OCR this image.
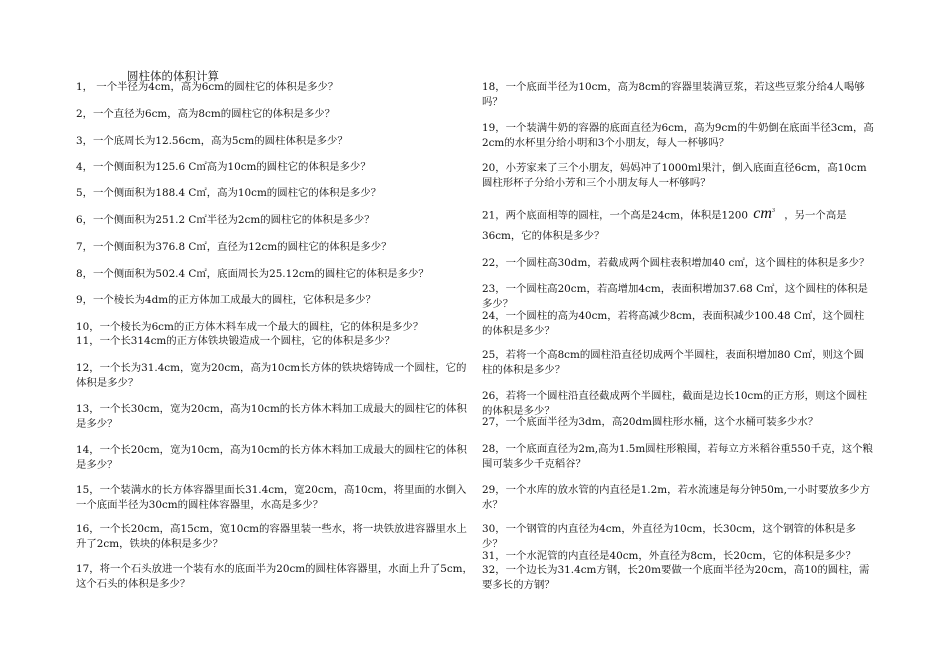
圆柱体的体积计算

1， 一个半径为4cm，高为6cm的圆柱它的体积是多少？

2，一个直径为6cm，高为8cm的圆柱它的体积是多少？

3，一个底周长为12.56cm，高为5cm的圆柱体积是多少？

4，一个侧面积为125.6 C㎡高为10cm的圆柱它的体积是多少？

5，一个侧面积为188.4 C㎡，高为10cm的圆柱它的体积是多少？

6，一个侧面积为251.2 C㎡半径为2cm的圆柱它的体积是多少？

7，一个侧面积为376.8 C㎡，直径为12cm的圆柱它的体积是多少？

8，一个侧面积为502.4 C㎡，底面周长为25.12cm的圆柱它的体积是多少？

9，一个棱长为4dm的正方体加工成最大的圆柱，它体积是多少？

10，一个棱长为6cm的正方体木料车成一个最大的圆柱，它的体积是多少？

11，一个长314cm的正方体铁块锻造成一个圆柱，它的体积是多少？

12，一个长为31.4cm，宽为20cm，高为10cm长方体的铁块熔铸成一个圆柱，它的体积是多少？

13，一个长30cm，宽为20cm，高为10cm的长方体木料加工成最大的圆柱它的体积是多少？

14，一个长20cm，宽为10cm，高为10cm的长方体木料加工成最大的圆柱它的体积是多少？

15，一个装满水的长方体容器里面长31.4cm，宽20cm，高10cm，将里面的水倒入一个底面半径为30cm的圆柱体容器里，水高是多少？

16，一个长20cm，高15cm，宽10cm的容器里装一些水，将一块铁放进容器里水上升了2cm，铁块的体积是多少？

17，将一个石头放进一个装有水的底面半为20cm的圆柱体容器里，水面上升了5cm，这个石头的体积是多少？

18，一个底面半径为10cm，高为8cm的容器里装满豆浆，若这些豆浆分给4人喝够吗？

19，一个装满牛奶的容器的底面直径为6cm，高为9cm的牛奶倒在底面半径3cm，高2cm的水杯里分给小明和3个小朋友，每人一杯够吗？

20，小芳家来了三个小朋友，妈妈冲了1000ml果汁，倒入底面直径6cm，高10cm圆柱形杯子分给小芳和三个小朋友每人一杯够吗？

21，两个底面相等的圆柱，一个高是24cm，体积是1200 $cm^3$ ，另一个高是

36cm，它的体积是多少？

22，一个圆柱高30dm，若截成两个圆柱表积增加40 c㎡，这个圆柱的体积是多少？

23，一个圆柱高20cm，若高增加4cm，表面积增加37.68 C㎡，这个圆柱的体积是多少？

24，一个圆柱的高为40cm，若将高减少8cm，表面积减少100.48 C㎡，这个圆柱的体积是多少？

25，若将一个高8cm的圆柱沿直径切成两个半圆柱，表面积增加80 C㎡，则这个圆柱的体积是多少？

26，若将一个圆柱沿直径截成两个半圆柱，截面是边长10cm的正方形，则这个圆柱的体积是多少？

27，一个底面半径为3dm，高20dm圆柱形水桶，这个水桶可装多少水？

28，一个底面直径为2m,高为1.5m圆柱形粮囤，若每立方米稻谷重550千克，这个粮囤可装多少千克稻谷？

29，一个水库的放水管的内直径是1.2m，若水流速是每分钟50m,一小时要放多少方水？

30，一个钢管的内直径为4cm，外直径为10cm，长30cm，这个钢管的体积是多少？

31，一个水泥管的内直径是40cm，外直径为8cm，长20cm，它的体积是多少？

32，一个边长为31.4cm方钢，长20m要做一个底面半径为20cm，高10的圆柱，需要多长的方钢？
